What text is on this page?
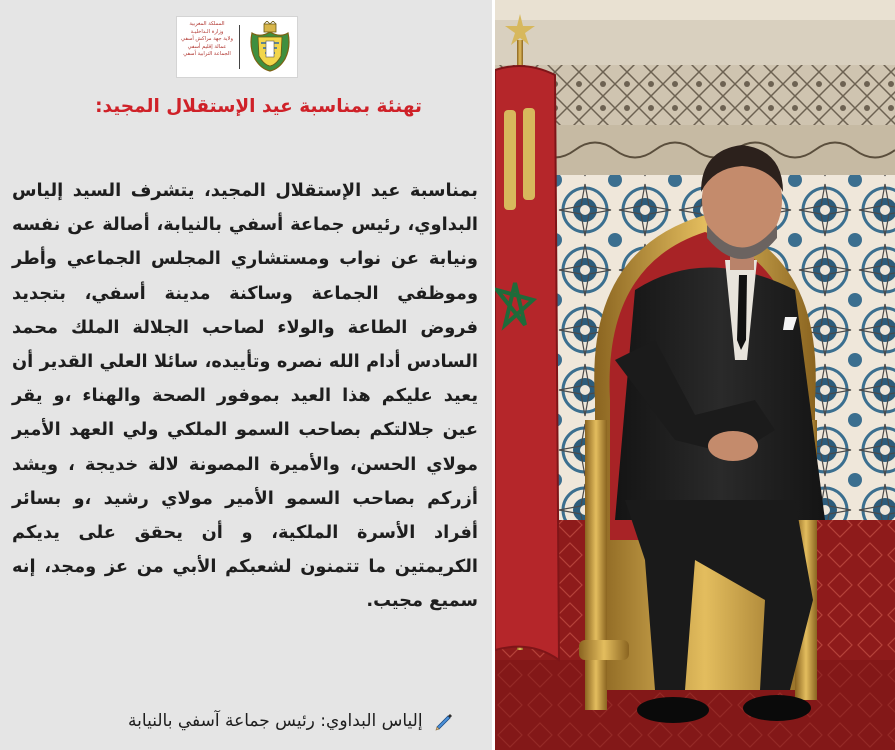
المملكة المغربية
وزارة الـداخليـة
ولاية جهة مراكش أسفي
عمالة إقليم أسفي
الجماعة الترابية أسفي
تهنئة بمناسبة عيد الإستقلال المجيد:

بمناسبة عيد الإستقلال المجيد، يتشرف السيد إلياس البداوي، رئيس جماعة أسفي بالنيابة، أصالة عن نفسه ونيابة عن نواب ومستشاري المجلس الجماعي وأطر وموظفي الجماعة وساكنة مدينة أسفي، بتجديد فروض الطاعة والولاء لصاحب الجلالة الملك محمد السادس أدام الله نصره وتأييده، سائلا العلي القدير أن يعيد عليكم هذا العيد بموفور الصحة والهناء ،و يقر عين جلالتكم بصاحب السمو الملكي ولي العهد الأمير مولاي الحسن، والأميرة المصونة لالة خديجة ، ويشد أزركم بصاحب السمو الأمير مولاي رشيد ،و بسائر أفراد الأسرة الملكية، و أن يحقق على يديكم الكريمتين ما تتمنون لشعبكم الأبي من عز ومجد، إنه سميع مجيب.

إلياس البداوي: رئيس جماعة آسفي بالنيابة
